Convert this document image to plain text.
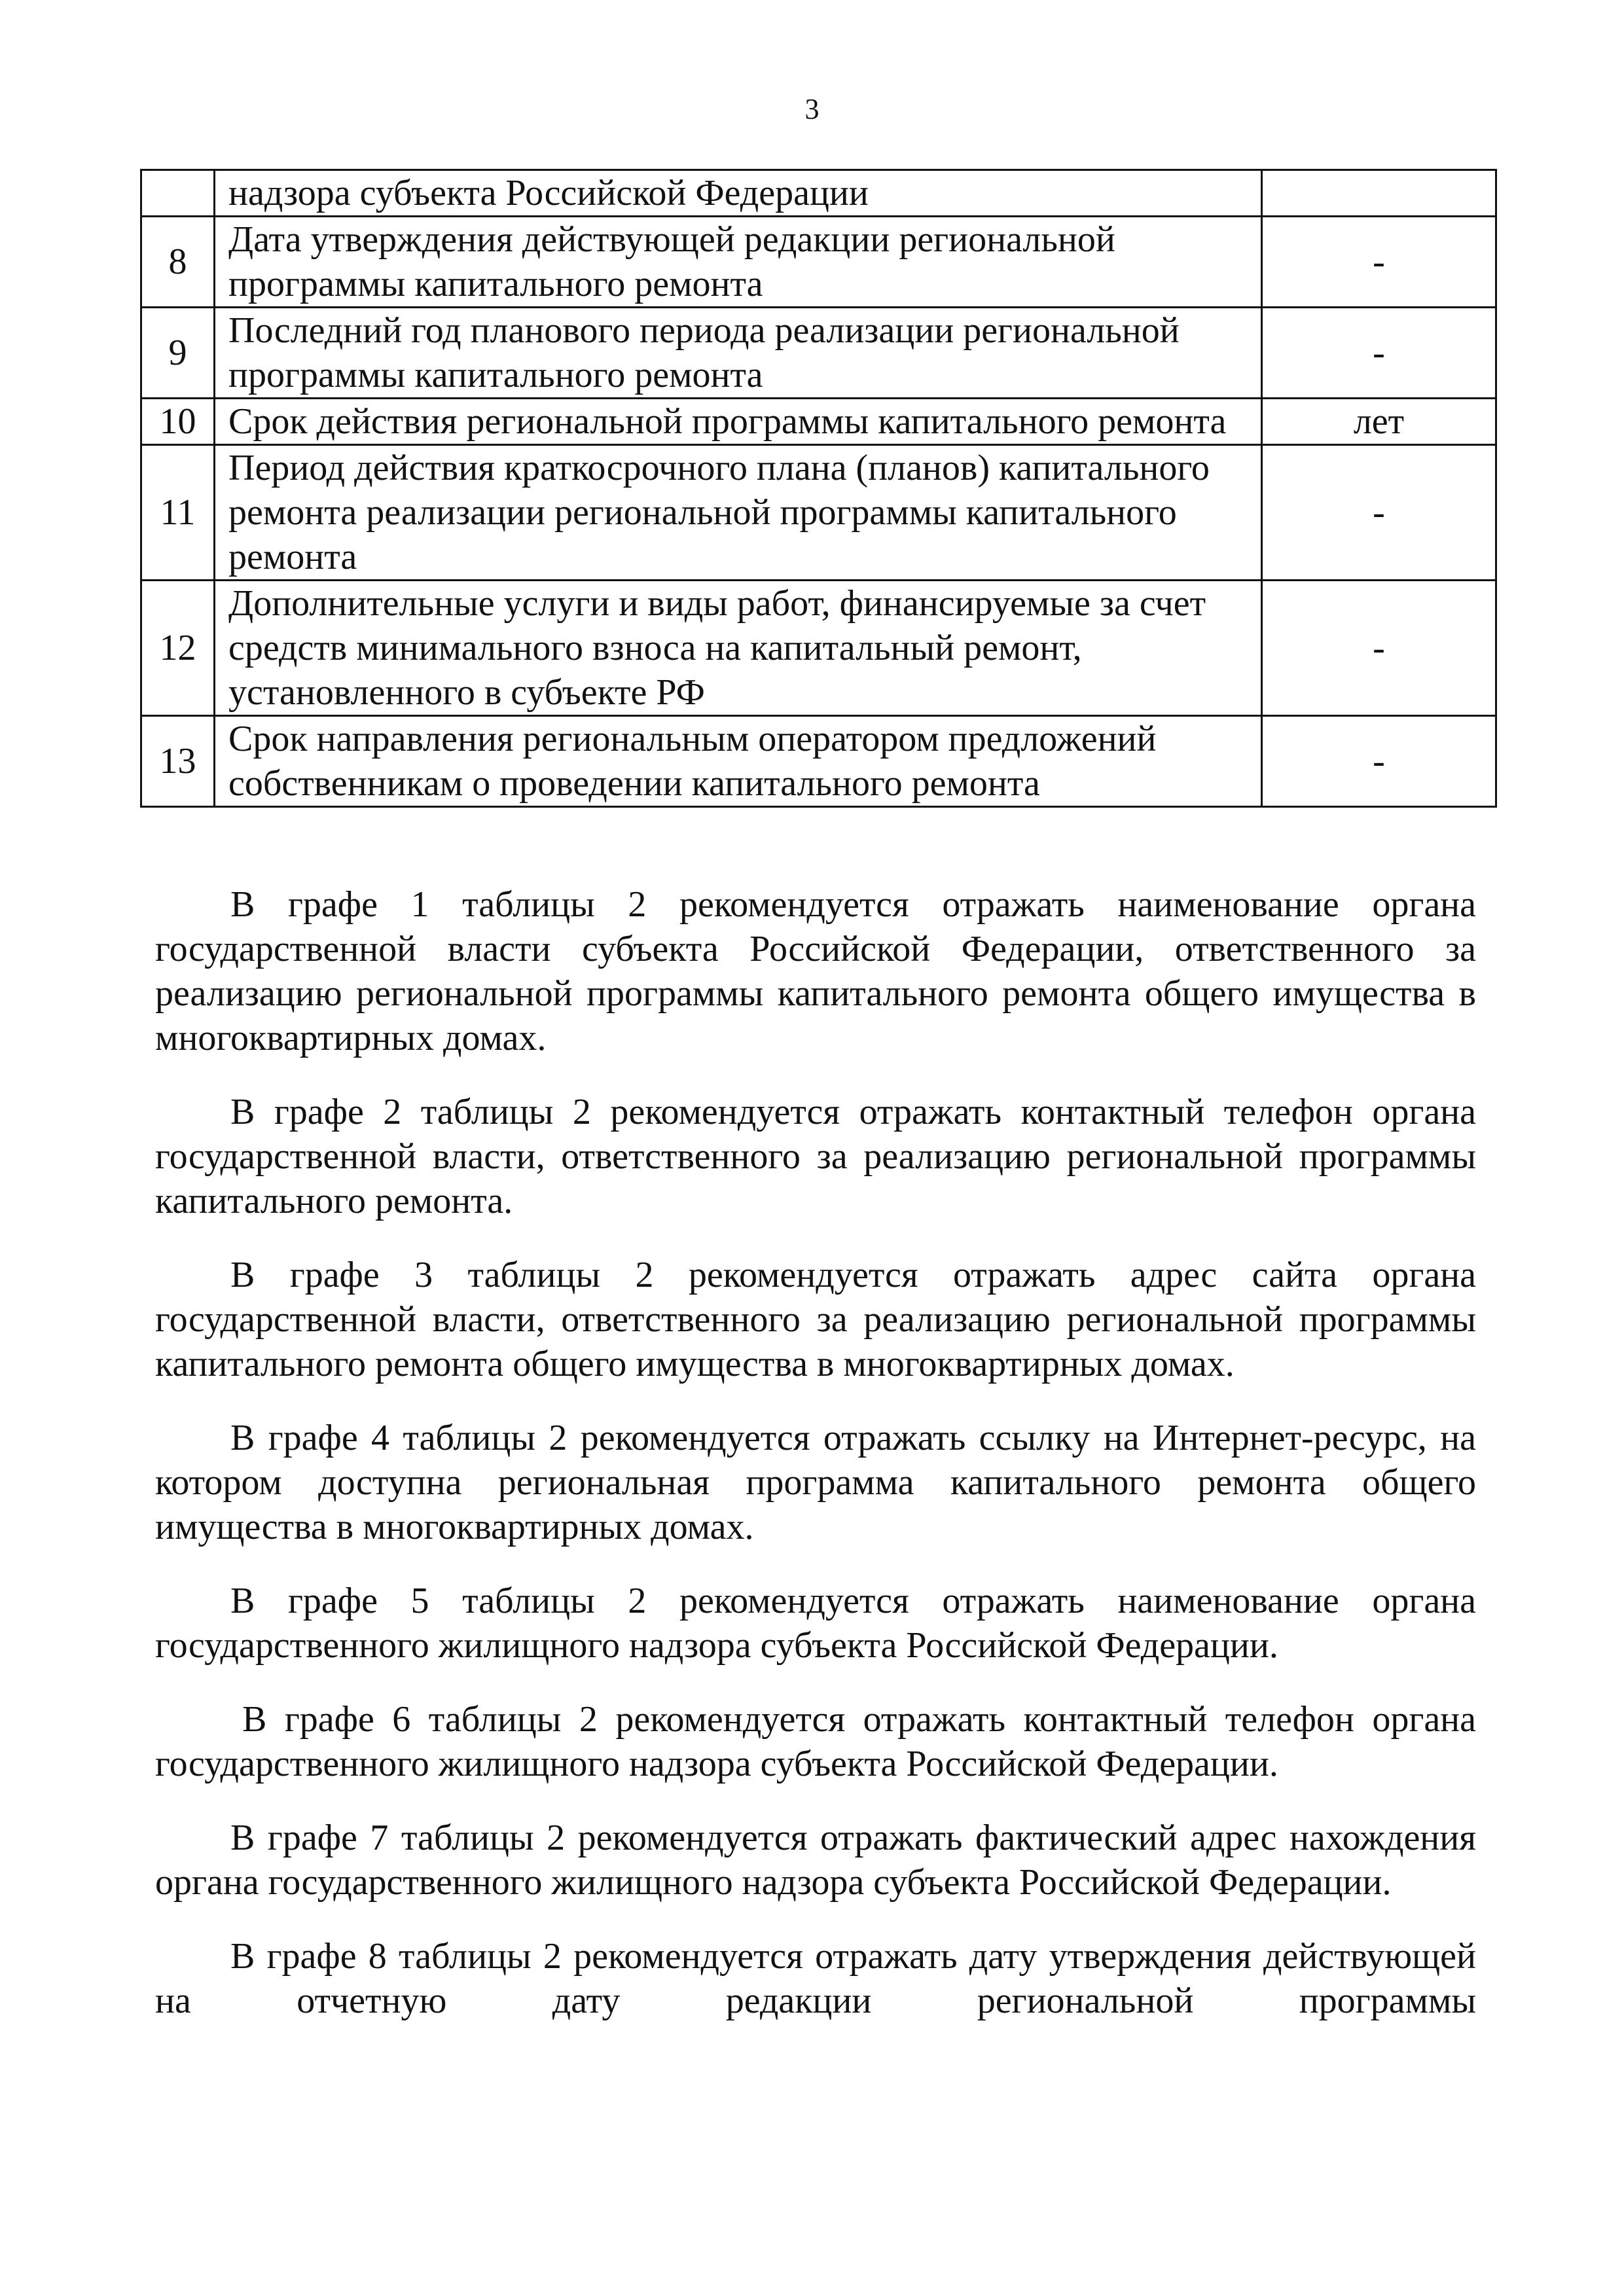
3
	надзора субъекта Российской Федерации	
8	Дата утверждения действующей редакции региональной программы капитального ремонта	-
9	Последний год планового периода реализации региональной программы капитального ремонта	-
10	Срок действия региональной программы капитального ремонта	лет
11	Период действия краткосрочного плана (планов) капитального ремонта реализации региональной программы капитального ремонта	-
12	Дополнительные услуги и виды работ, финансируемые за счет средств минимального взноса на капитальный ремонт, установленного в субъекте РФ	-
13	Срок направления региональным оператором предложений собственникам о проведении капитального ремонта	-

В графе 1 таблицы 2 рекомендуется отражать наименование органа государственной власти субъекта Российской Федерации, ответственного за реализацию региональной программы капитального ремонта общего имущества в многоквартирных домах.

В графе 2 таблицы 2 рекомендуется отражать контактный телефон органа государственной власти, ответственного за реализацию региональной программы капитального ремонта.

В графе 3 таблицы 2 рекомендуется отражать адрес сайта органа государственной власти, ответственного за реализацию региональной программы капитального ремонта общего имущества в многоквартирных домах.

В графе 4 таблицы 2 рекомендуется отражать ссылку на Интернет-ресурс, на котором доступна региональная программа капитального ремонта общего имущества в многоквартирных домах.

В графе 5 таблицы 2 рекомендуется отражать наименование органа государственного жилищного надзора субъекта Российской Федерации.

В графе 6 таблицы 2 рекомендуется отражать контактный телефон органа государственного жилищного надзора субъекта Российской Федерации.

В графе 7 таблицы 2 рекомендуется отражать фактический адрес нахождения органа государственного жилищного надзора субъекта Российской Федерации.

В графе 8 таблицы 2 рекомендуется отражать дату утверждения действующей на отчетную дату редакции региональной программы
